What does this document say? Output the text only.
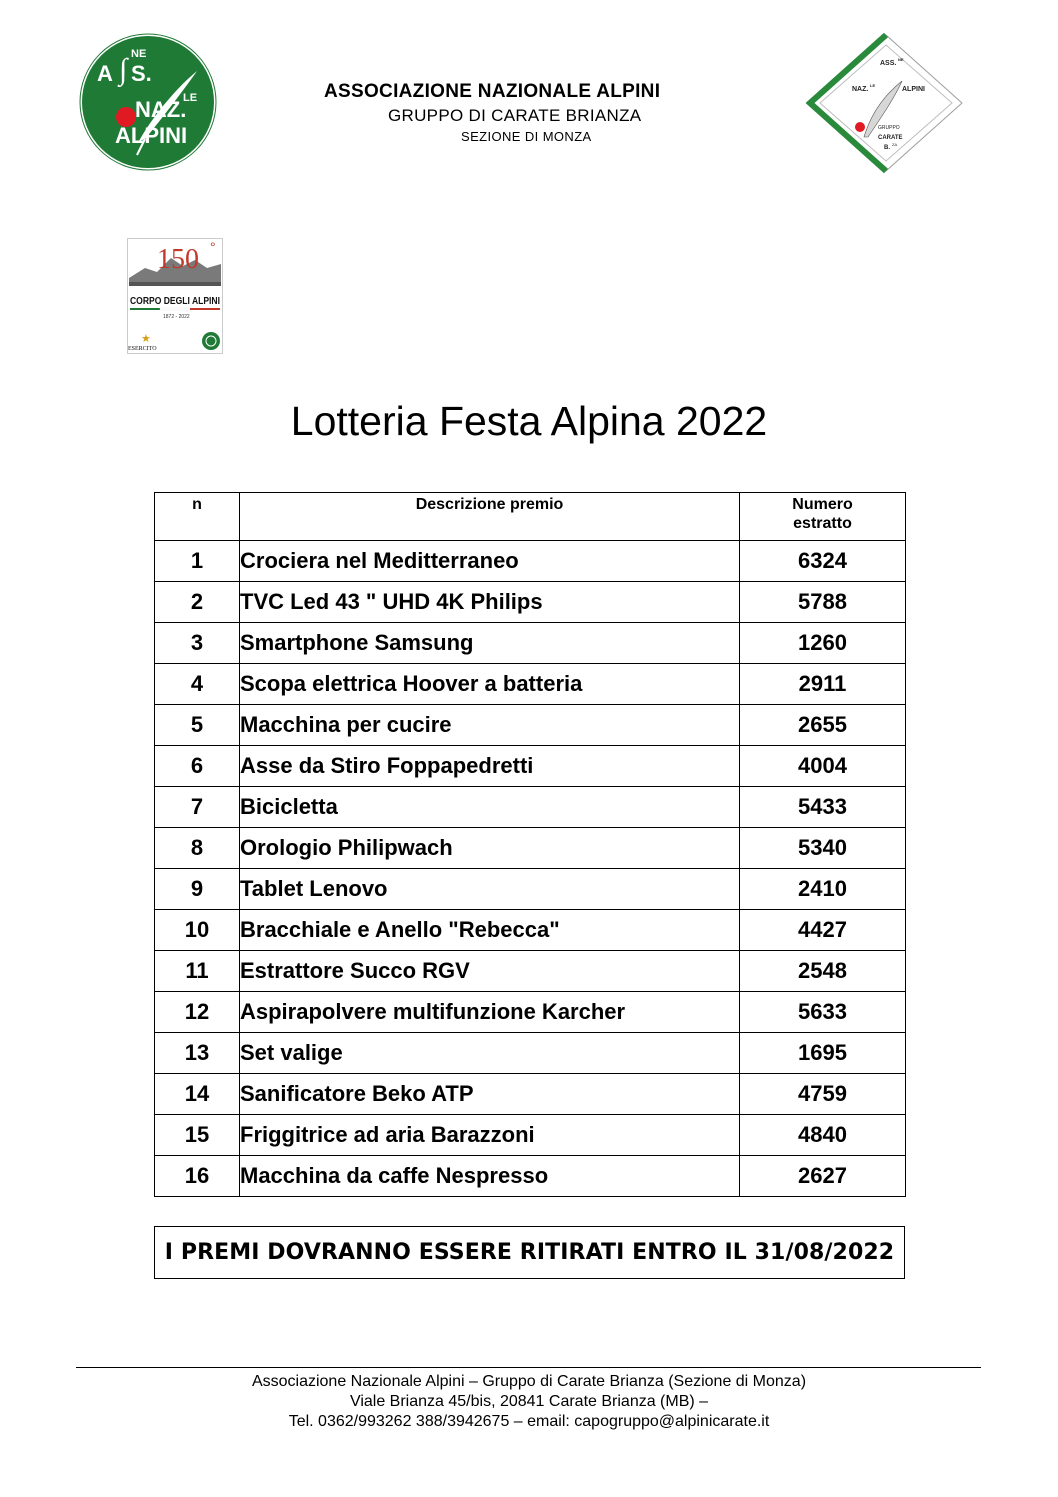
A ∫ S.
NE
NAZ.
LE
ALPINI
ASSOCIAZIONE NAZIONALE ALPINI
GRUPPO DI CARATE BRIANZA
SEZIONE DI MONZA
ASS.
NE
NAZ.
LE
ALPINI
GRUPPO
CARATE
B.
ZA
150 °
CORPO DEGLI ALPINI
1872 - 2022
★
ESERCITO
Lotteria Festa Alpina 2022
n	Descrizione premio	Numero
estratto
1	Crociera nel Meditterraneo	6324
2	TVC Led 43 " UHD 4K Philips	5788
3	Smartphone Samsung	1260
4	Scopa elettrica Hoover a batteria	2911
5	Macchina per cucire	2655
6	Asse da Stiro Foppapedretti	4004
7	Bicicletta	5433
8	Orologio Philipwach	5340
9	Tablet Lenovo	2410
10	Bracchiale e Anello "Rebecca"	4427
11	Estrattore Succo RGV	2548
12	Aspirapolvere multifunzione Karcher	5633
13	Set valige	1695
14	Sanificatore Beko ATP	4759
15	Friggitrice ad aria Barazzoni	4840
16	Macchina da caffe Nespresso	2627
I PREMI DOVRANNO ESSERE RITIRATI ENTRO IL 31/08/2022
Associazione Nazionale Alpini – Gruppo di Carate Brianza (Sezione di Monza)
Viale Brianza 45/bis, 20841 Carate Brianza (MB) –
Tel. 0362/993262 388/3942675 – email: capogruppo@alpinicarate.it
